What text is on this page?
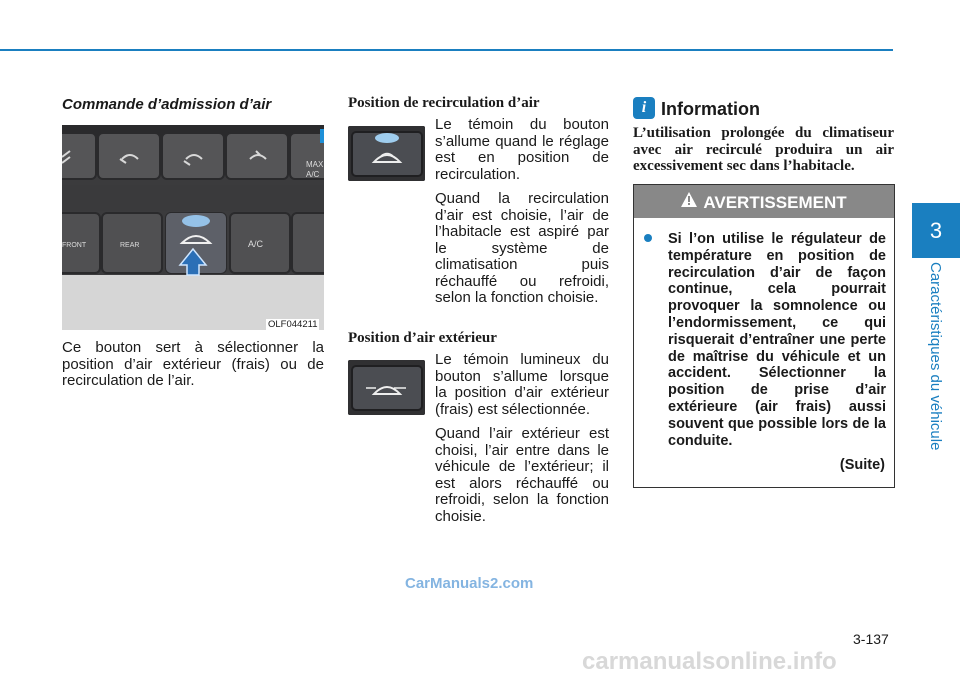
Commande d’admission d’air
MAX
A/C
FRONT	REAR	A/C
OLF044211
Ce bouton sert à sélectionner la position d’air extérieur (frais) ou de recirculation de l’air.
Position de recirculation d’air
Le témoin du bouton s’allume quand le réglage est en position de recirculation.
Quand la recirculation d’air est choisie, l’air de l’habitacle est aspiré par le système de climatisation puis réchauffé ou refroidi, selon la fonction choisie.
Position d’air extérieur
Le témoin lumineux du bouton s’allume lorsque la position d’air extérieur (frais) est sélectionnée.
Quand l’air extérieur est choisi, l’air entre dans le véhicule de l’extérieur; il est alors réchauffé ou refroidi, selon la fonction choisie.
i Information
L’utilisation prolongée du climatiseur avec air recirculé produira un air excessivement sec dans l’habitacle.
AVERTISSEMENT
Si l’on utilise le régulateur de température en position de recirculation d’air de façon continue, cela pourrait provoquer la somnolence ou l’endormissement, ce qui risquerait d’entraîner une perte de maîtrise du véhicule et un accident. Sélectionner la position de prise d’air extérieure (air frais) aussi souvent que possible lors de la conduite.
(Suite)
3
Caractéristiques du véhicule
3-137
CarManuals2.com
carmanualsonline.info
